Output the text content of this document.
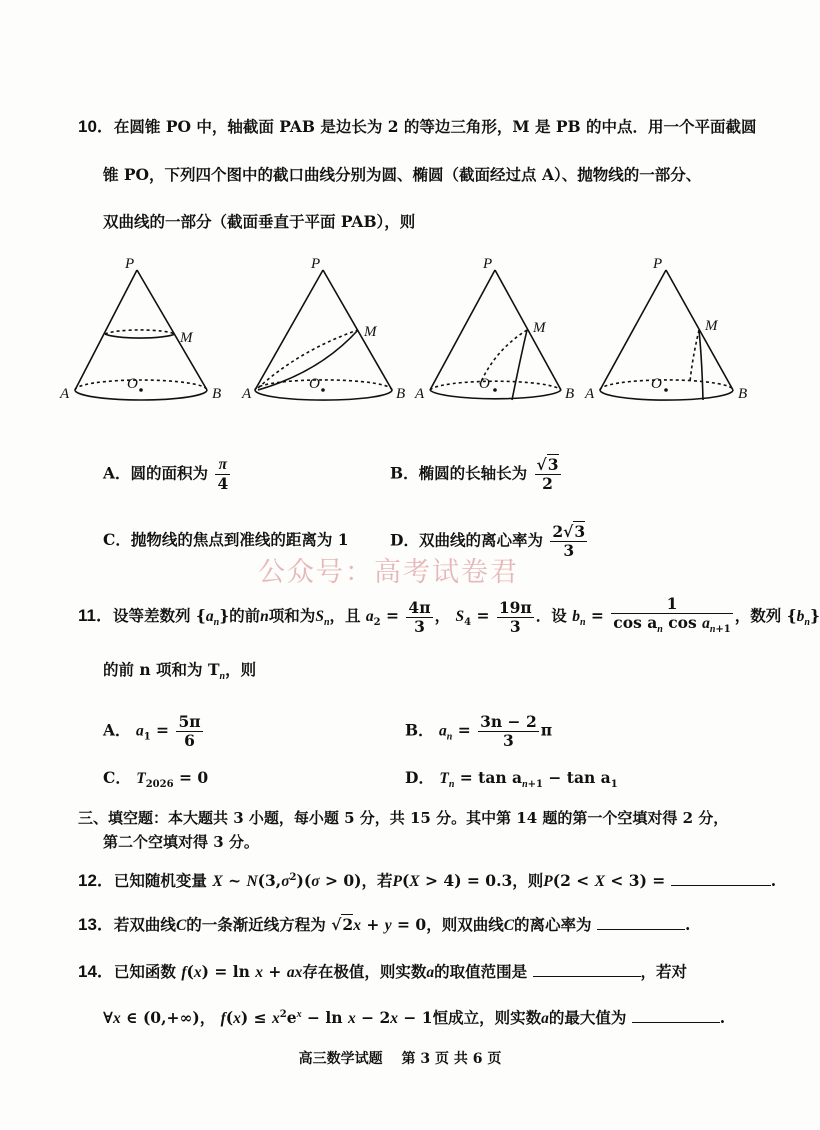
10．在圆锥 PO 中，轴截面 PAB 是边长为 2 的等边三角形，M 是 PB 的中点．用一个平面截圆
锥 PO，下列四个图中的截口曲线分别为圆、椭圆（截面经过点 A）、抛物线的一部分、
双曲线的一部分（截面垂直于平面 PAB），则
P
M
A	B
O
P
M
A	B
O
P
M
A	B
O
P
M
A	B
O
A．圆的面积为 $\frac{\pi}{4}$	B．椭圆的长轴长为 $\frac{√3}{2}$
C．抛物线的焦点到准线的距离为 1	D．双曲线的离心率为 $\frac{2√3}{3}$
公众号：高考试卷君
11．设等差数列 $\{a_n\}$的前n项和为$S_n$，且 $a_2 = \frac{4\pi}{3}$ ， $S_4 = \frac{19\pi}{3}$ ．设 $b_n = \frac{1}{\cos a_n \cos a_{n+1}}$ ，数列 $\{b_n\}$
的前 n 项和为 $T_n$，则
A． $a_1 = \frac{5\pi}{6}$	B． $a_n = \frac{3n - 2}{3}$ π
C． $T_{2026} = 0$	D． $T_n = \tan a_{n+1} - \tan a_1$
三、填空题：本大题共 3 小题，每小题 5 分，共 15 分。其中第 14 题的第一个空填对得 2 分，
第二个空填对得 3 分。
12．已知随机变量 X ~ $N(3,\sigma^2)(\sigma > 0)$，若P(X > 4) = 0.3，则P(2 < X < 3) =	.
13．若双曲线C的一条渐近线方程为 √2x + y = 0，则双曲线C的离心率为	.
14．已知函数 f(x) = ln x + ax存在极值，则实数a的取值范围是	，若对
∀x ∈ (0,+∞)， $f(x) \le x^2e^x - \ln x - 2x - 1$恒成立，则实数a的最大值为	.
高三数学试题　 第 3 页 共 6 页
